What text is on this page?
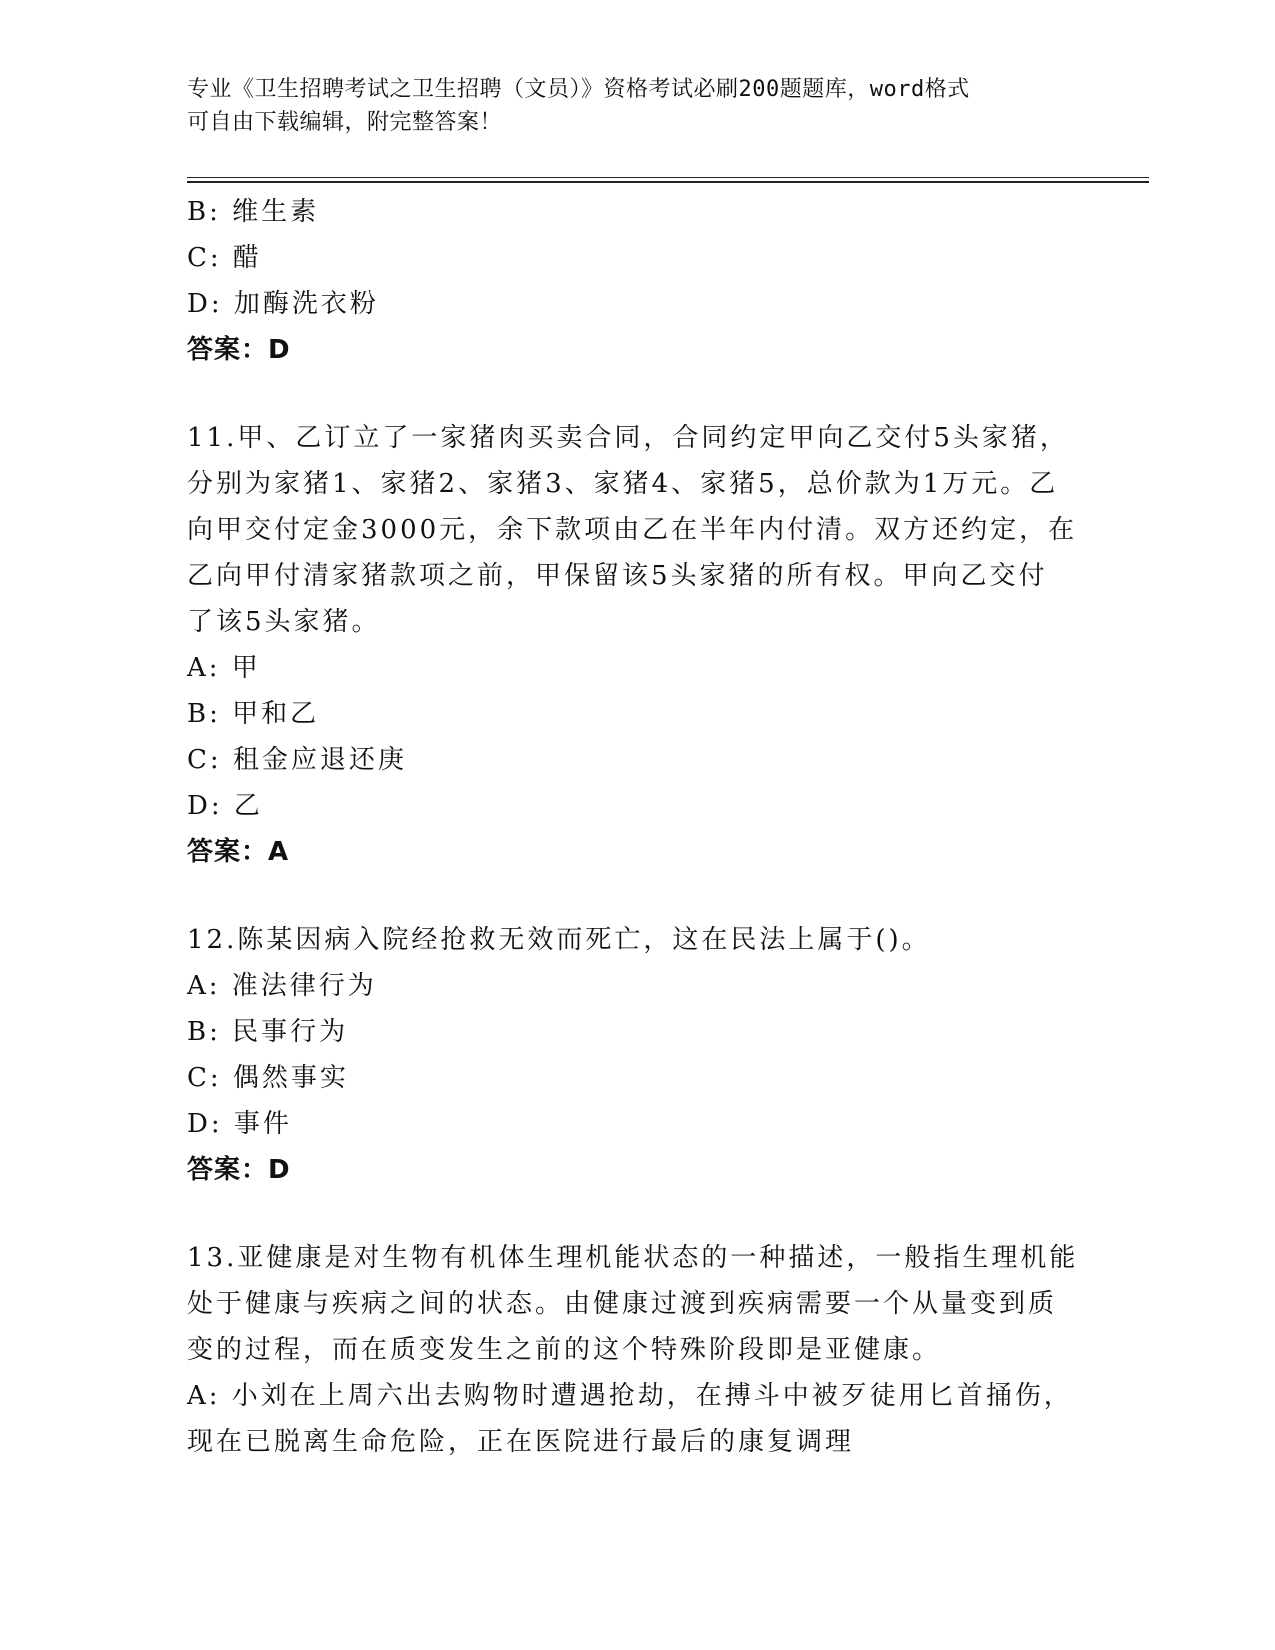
专业《卫生招聘考试之卫生招聘（文员）》资格考试必刷200题题库，word格式
可自由下载编辑，附完整答案！
B: 维生素
C: 醋
D: 加酶洗衣粉
答案：D
11.甲、乙订立了一家猪肉买卖合同，合同约定甲向乙交付5头家猪，
分别为家猪1、家猪2、家猪3、家猪4、家猪5，总价款为1万元。乙
向甲交付定金3000元，余下款项由乙在半年内付清。双方还约定，在
乙向甲付清家猪款项之前，甲保留该5头家猪的所有权。甲向乙交付
了该5头家猪。
A: 甲
B: 甲和乙
C: 租金应退还庚
D: 乙
答案：A
12.陈某因病入院经抢救无效而死亡，这在民法上属于()。
A: 准法律行为
B: 民事行为
C: 偶然事实
D: 事件
答案：D
13.亚健康是对生物有机体生理机能状态的一种描述，一般指生理机能
处于健康与疾病之间的状态。由健康过渡到疾病需要一个从量变到质
变的过程，而在质变发生之前的这个特殊阶段即是亚健康。
A: 小刘在上周六出去购物时遭遇抢劫，在搏斗中被歹徒用匕首捅伤，
现在已脱离生命危险，正在医院进行最后的康复调理
